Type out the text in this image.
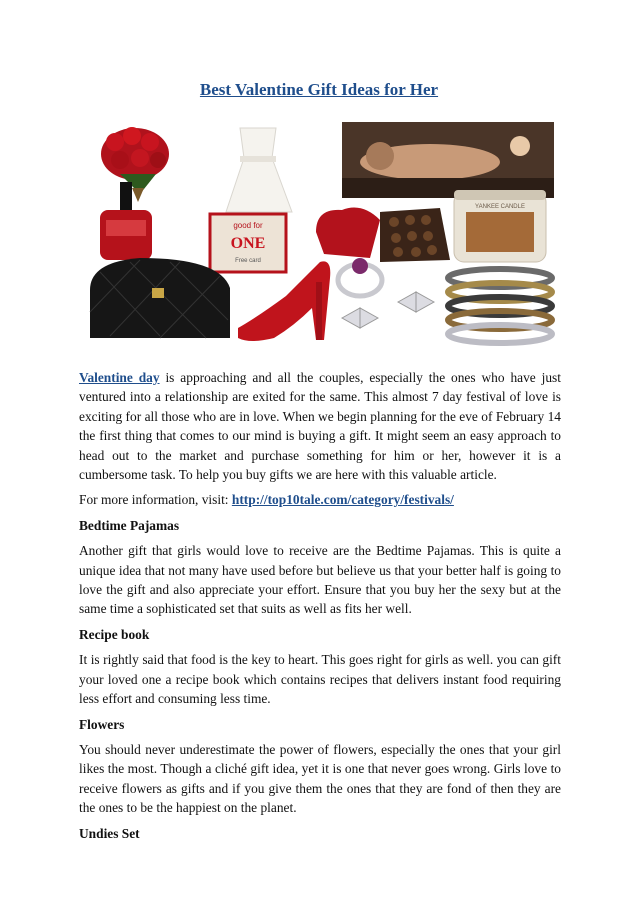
Best Valentine Gift Ideas for Her
YANKEE CANDLE
good for
ONE
Free card

Valentine day is approaching and all the couples, especially the ones who have just ventured into a relationship are exited for the same. This almost 7 day festival of love is exciting for all those who are in love. When we begin planning for the eve of February 14 the first thing that comes to our mind is buying a gift. It might seem an easy approach to head out to the market and purchase something for him or her, however it is a cumbersome task. To help you buy gifts we are here with this valuable article.

For more information, visit: http://top10tale.com/category/festivals/

Bedtime Pajamas

Another gift that girls would love to receive are the Bedtime Pajamas. This is quite a unique idea that not many have used before but believe us that your better half is going to love the gift and also appreciate your effort. Ensure that you buy her the sexy but at the same time a sophisticated set that suits as well as fits her well.

Recipe book

It is rightly said that food is the key to heart. This goes right for girls as well. you can gift your loved one a recipe book which contains recipes that delivers instant food requiring less effort and consuming less time.

Flowers

You should never underestimate the power of flowers, especially the ones that your girl likes the most. Though a cliché gift idea, yet it is one that never goes wrong. Girls love to receive flowers as gifts and if you give them the ones that they are fond of then they are the ones to be the happiest on the planet.

Undies Set
